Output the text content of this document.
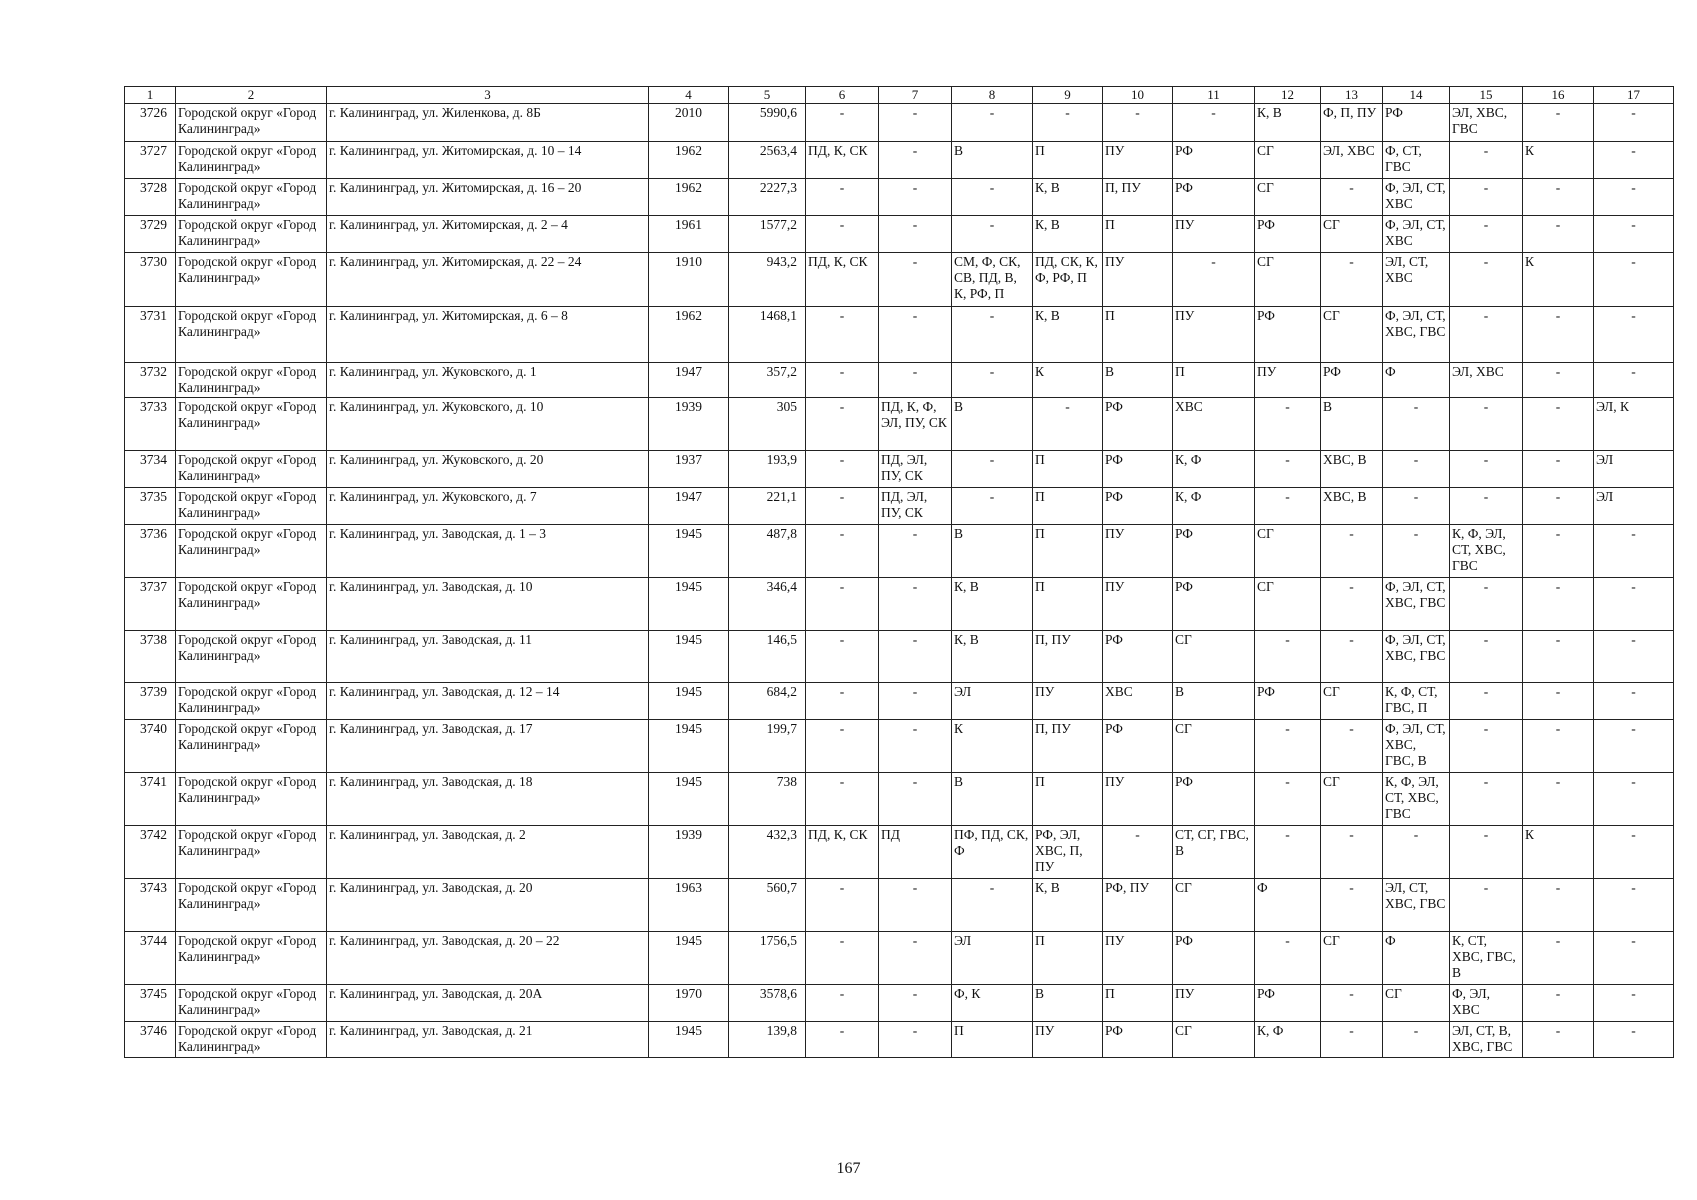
1	2	3	4	5	6	7	8	9	10	11	12	13	14	15	16	17
3726	Городской округ «Город Калининград»	г. Калининград, ул. Жиленкова, д. 8Б	2010	5990,6	-	-	-	-	-	-	К, В	Ф, П, ПУ	РФ	ЭЛ, ХВС, ГВС	-	-
3727	Городской округ «Город Калининград»	г. Калининград, ул. Житомирская, д. 10 – 14	1962	2563,4	ПД, К, СК	-	В	П	ПУ	РФ	СГ	ЭЛ, ХВС	Ф, СТ, ГВС	-	К	-
3728	Городской округ «Город Калининград»	г. Калининград, ул. Житомирская, д. 16 – 20	1962	2227,3	-	-	-	К, В	П, ПУ	РФ	СГ	-	Ф, ЭЛ, СТ, ХВС	-	-	-
3729	Городской округ «Город Калининград»	г. Калининград, ул. Житомирская, д. 2 – 4	1961	1577,2	-	-	-	К, В	П	ПУ	РФ	СГ	Ф, ЭЛ, СТ, ХВС	-	-	-
3730	Городской округ «Город Калининград»	г. Калининград, ул. Житомирская, д. 22 – 24	1910	943,2	ПД, К, СК	-	СМ, Ф, СК, СВ, ПД, В, К, РФ, П	ПД, СК, К, Ф, РФ, П	ПУ	-	СГ	-	ЭЛ, СТ, ХВС	-	К	-
3731	Городской округ «Город Калининград»	г. Калининград, ул. Житомирская, д. 6 – 8	1962	1468,1	-	-	-	К, В	П	ПУ	РФ	СГ	Ф, ЭЛ, СТ, ХВС, ГВС	-	-	-
3732	Городской округ «Город Калининград»	г. Калининград, ул. Жуковского, д. 1	1947	357,2	-	-	-	К	В	П	ПУ	РФ	Ф	ЭЛ, ХВС	-	-
3733	Городской округ «Город Калининград»	г. Калининград, ул. Жуковского, д. 10	1939	305	-	ПД, К, Ф, ЭЛ, ПУ, СК	В	-	РФ	ХВС	-	В	-	-	-	ЭЛ, К
3734	Городской округ «Город Калининград»	г. Калининград, ул. Жуковского, д. 20	1937	193,9	-	ПД, ЭЛ, ПУ, СК	-	П	РФ	К, Ф	-	ХВС, В	-	-	-	ЭЛ
3735	Городской округ «Город Калининград»	г. Калининград, ул. Жуковского, д. 7	1947	221,1	-	ПД, ЭЛ, ПУ, СК	-	П	РФ	К, Ф	-	ХВС, В	-	-	-	ЭЛ
3736	Городской округ «Город Калининград»	г. Калининград, ул. Заводская, д. 1 – 3	1945	487,8	-	-	В	П	ПУ	РФ	СГ	-	-	К, Ф, ЭЛ, СТ, ХВС, ГВС	-	-
3737	Городской округ «Город Калининград»	г. Калининград, ул. Заводская, д. 10	1945	346,4	-	-	К, В	П	ПУ	РФ	СГ	-	Ф, ЭЛ, СТ, ХВС, ГВС	-	-	-
3738	Городской округ «Город Калининград»	г. Калининград, ул. Заводская, д. 11	1945	146,5	-	-	К, В	П, ПУ	РФ	СГ	-	-	Ф, ЭЛ, СТ, ХВС, ГВС	-	-	-
3739	Городской округ «Город Калининград»	г. Калининград, ул. Заводская, д. 12 – 14	1945	684,2	-	-	ЭЛ	ПУ	ХВС	В	РФ	СГ	К, Ф, СТ, ГВС, П	-	-	-
3740	Городской округ «Город Калининград»	г. Калининград, ул. Заводская, д. 17	1945	199,7	-	-	К	П, ПУ	РФ	СГ	-	-	Ф, ЭЛ, СТ, ХВС, ГВС, В	-	-	-
3741	Городской округ «Город Калининград»	г. Калининград, ул. Заводская, д. 18	1945	738	-	-	В	П	ПУ	РФ	-	СГ	К, Ф, ЭЛ, СТ, ХВС, ГВС	-	-	-
3742	Городской округ «Город Калининград»	г. Калининград, ул. Заводская, д. 2	1939	432,3	ПД, К, СК	ПД	ПФ, ПД, СК, Ф	РФ, ЭЛ, ХВС, П, ПУ	-	СТ, СГ, ГВС, В	-	-	-	-	К	-
3743	Городской округ «Город Калининград»	г. Калининград, ул. Заводская, д. 20	1963	560,7	-	-	-	К, В	РФ, ПУ	СГ	Ф	-	ЭЛ, СТ, ХВС, ГВС	-	-	-
3744	Городской округ «Город Калининград»	г. Калининград, ул. Заводская, д. 20 – 22	1945	1756,5	-	-	ЭЛ	П	ПУ	РФ	-	СГ	Ф	К, СТ, ХВС, ГВС, В	-	-
3745	Городской округ «Город Калининград»	г. Калининград, ул. Заводская, д. 20А	1970	3578,6	-	-	Ф, К	В	П	ПУ	РФ	-	СГ	Ф, ЭЛ, ХВС	-	-
3746	Городской округ «Город Калининград»	г. Калининград, ул. Заводская, д. 21	1945	139,8	-	-	П	ПУ	РФ	СГ	К, Ф	-	-	ЭЛ, СТ, В, ХВС, ГВС	-	-
167
